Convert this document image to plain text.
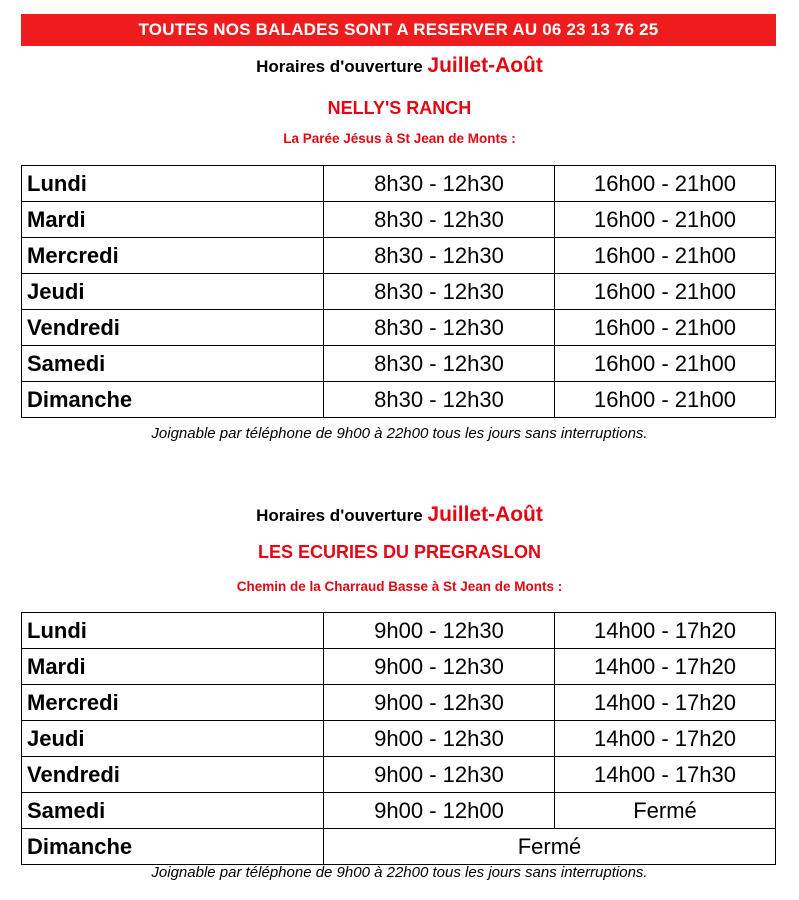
TOUTES NOS BALADES SONT A RESERVER AU 06 23 13 76 25
Horaires d'ouverture Juillet-Août
NELLY'S RANCH
La Parée Jésus à St Jean de Monts :
Lundi	8h30 - 12h30	16h00 - 21h00
Mardi	8h30 - 12h30	16h00 - 21h00
Mercredi	8h30 - 12h30	16h00 - 21h00
Jeudi	8h30 - 12h30	16h00 - 21h00
Vendredi	8h30 - 12h30	16h00 - 21h00
Samedi	8h30 - 12h30	16h00 - 21h00
Dimanche	8h30 - 12h30	16h00 - 21h00
Joignable par téléphone de 9h00 à 22h00 tous les jours sans interruptions.
Horaires d'ouverture Juillet-Août
LES ECURIES DU PREGRASLON
Chemin de la Charraud Basse à St Jean de Monts :
Lundi	9h00 - 12h30	14h00 - 17h20
Mardi	9h00 - 12h30	14h00 - 17h20
Mercredi	9h00 - 12h30	14h00 - 17h20
Jeudi	9h00 - 12h30	14h00 - 17h20
Vendredi	9h00 - 12h30	14h00 - 17h30
Samedi	9h00 - 12h00	Fermé
Dimanche	Fermé	
Joignable par téléphone de 9h00 à 22h00 tous les jours sans interruptions.
